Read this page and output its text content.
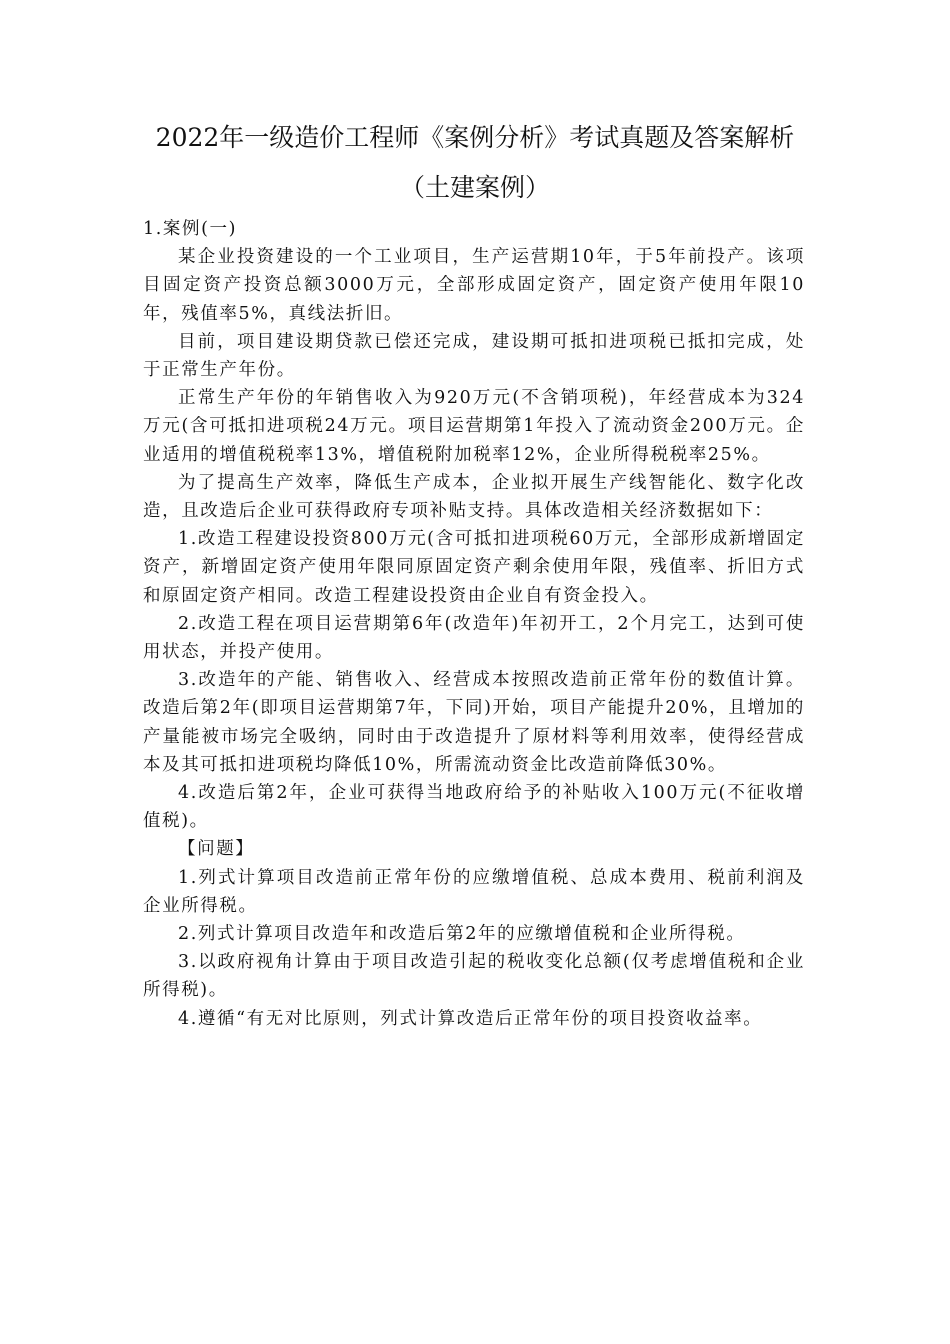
2022年一级造价工程师《案例分析》考试真题及答案解析
（土建案例）

1.案例(一)

某企业投资建设的一个工业项目，生产运营期10年，于5年前投产。该项目固定资产投资总额3000万元，全部形成固定资产，固定资产使用年限10年，残值率5%，真线法折旧。

目前，项目建设期贷款已偿还完成，建设期可抵扣进项税已抵扣完成，处于正常生产年份。

正常生产年份的年销售收入为920万元(不含销项税)，年经营成本为324万元(含可抵扣进项税24万元。项目运营期第1年投入了流动资金200万元。企业适用的增值税税率13%，增值税附加税率12%，企业所得税税率25%。

为了提高生产效率，降低生产成本，企业拟开展生产线智能化、数字化改造，且改造后企业可获得政府专项补贴支持。具体改造相关经济数据如下：

1.改造工程建设投资800万元(含可抵扣进项税60万元，全部形成新增固定资产，新增固定资产使用年限同原固定资产剩余使用年限，残值率、折旧方式和原固定资产相同。改造工程建设投资由企业自有资金投入。

2.改造工程在项目运营期第6年(改造年)年初开工，2个月完工，达到可使用状态，并投产使用。

3.改造年的产能、销售收入、经营成本按照改造前正常年份的数值计算。改造后第2年(即项目运营期第7年，下同)开始，项目产能提升20%，且增加的产量能被市场完全吸纳，同时由于改造提升了原材料等利用效率，使得经营成本及其可抵扣进项税均降低10%，所需流动资金比改造前降低30%。

4.改造后第2年，企业可获得当地政府给予的补贴收入100万元(不征收增值税)。

【问题】

1.列式计算项目改造前正常年份的应缴增值税、总成本费用、税前利润及企业所得税。

2.列式计算项目改造年和改造后第2年的应缴增值税和企业所得税。

3.以政府视角计算由于项目改造引起的税收变化总额(仅考虑增值税和企业所得税)。

4.遵循“有无对比原则，列式计算改造后正常年份的项目投资收益率。
